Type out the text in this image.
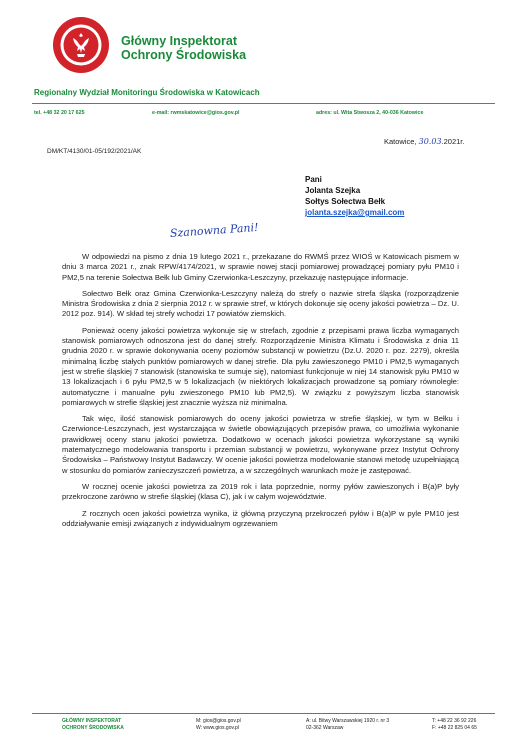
Główny Inspektorat
Ochrony Środowiska
Regionalny Wydział Monitoringu Środowiska w Katowicach
tel. +48 32 20 17 625	e-mail: rwmskatowice@gios.gov.pl	adres: ul. Wita Stwosza 2, 40-036 Katowice
Katowice, 30.03.2021r.
DM/KT/4130/01-05/192/2021/AK
Pani
Jolanta Szejka
Sołtys Sołectwa Bełk
jolanta.szejka@gmail.com
Szanowna Pani!

W odpowiedzi na pismo z dnia 19 lutego 2021 r., przekazane do RWMŚ przez WIOŚ w Katowicach pismem w dniu 3 marca 2021 r., znak RPW/4174/2021, w sprawie nowej stacji pomiarowej prowadzącej pomiary pyłu PM10 i PM2,5 na terenie Sołectwa Bełk lub Gminy Czerwionka-Leszczyny, przekazuję następujące informacje.

Sołectwo Bełk oraz Gmina Czerwionka-Leszczyny należą do strefy o nazwie strefa śląska (rozporządzenie Ministra Środowiska z dnia 2 sierpnia 2012 r. w sprawie stref, w których dokonuje się oceny jakości powietrza – Dz. U. 2012 poz. 914). W skład tej strefy wchodzi 17 powiatów ziemskich.

Ponieważ oceny jakości powietrza wykonuje się w strefach, zgodnie z przepisami prawa liczba wymaganych stanowisk pomiarowych odnoszona jest do danej strefy. Rozporządzenie Ministra Klimatu i Środowiska z dnia 11 grudnia 2020 r. w sprawie dokonywania oceny poziomów substancji w powietrzu (Dz.U. 2020 r. poz. 2279), określa minimalną liczbę stałych punktów pomiarowych w danej strefie. Dla pyłu zawieszonego PM10 i PM2,5 wymaganych jest w strefie śląskiej 7 stanowisk (stanowiska te sumuje się), natomiast funkcjonuje w niej 14 stanowisk pyłu PM10 w 13 lokalizacjach i 6 pyłu PM2,5 w 5 lokalizacjach (w niektórych lokalizacjach prowadzone są pomiary równoległe: automatyczne i manualne pyłu zwieszonego PM10 lub PM2,5). W związku z powyższym liczba stanowisk pomiarowych w strefie śląskiej jest znacznie wyższa niż minimalna.

Tak więc, ilość stanowisk pomiarowych do oceny jakości powietrza w strefie śląskiej, w tym w Bełku i Czerwionce-Leszczynach, jest wystarczająca w świetle obowiązujących przepisów prawa, co umożliwia wykonanie prawidłowej oceny stanu jakości powietrza. Dodatkowo w ocenach jakości powietrza wykorzystane są wyniki matematycznego modelowania transportu i przemian substancji w powietrzu, wykonywane przez Instytut Ochrony Środowiska – Państwowy Instytut Badawczy. W ocenie jakości powietrza modelowanie stanowi metodę uzupełniającą w stosunku do pomiarów zanieczyszczeń powietrza, a w szczególnych warunkach może je zastępować.

W rocznej ocenie jakości powietrza za 2019 rok i lata poprzednie, normy pyłów zawieszonych i B(a)P były przekroczone zarówno w strefie śląskiej (klasa C), jak i w całym województwie.

Z rocznych ocen jakości powietrza wynika, iż główną przyczyną przekroczeń pyłów i B(a)P w pyle PM10 jest oddziaływanie emisji związanych z indywidualnym ogrzewaniem

GŁÓWNY INSPEKTORAT
OCHRONY ŚRODOWISKA
M: gios@gios.gov.pl
W: www.gios.gov.pl
A: ul. Bitwy Warszawskiej 1920 r. nr 3
02-362 Warszaw
T: +48 22 36 92 226
F: +48 22 825 04 65
